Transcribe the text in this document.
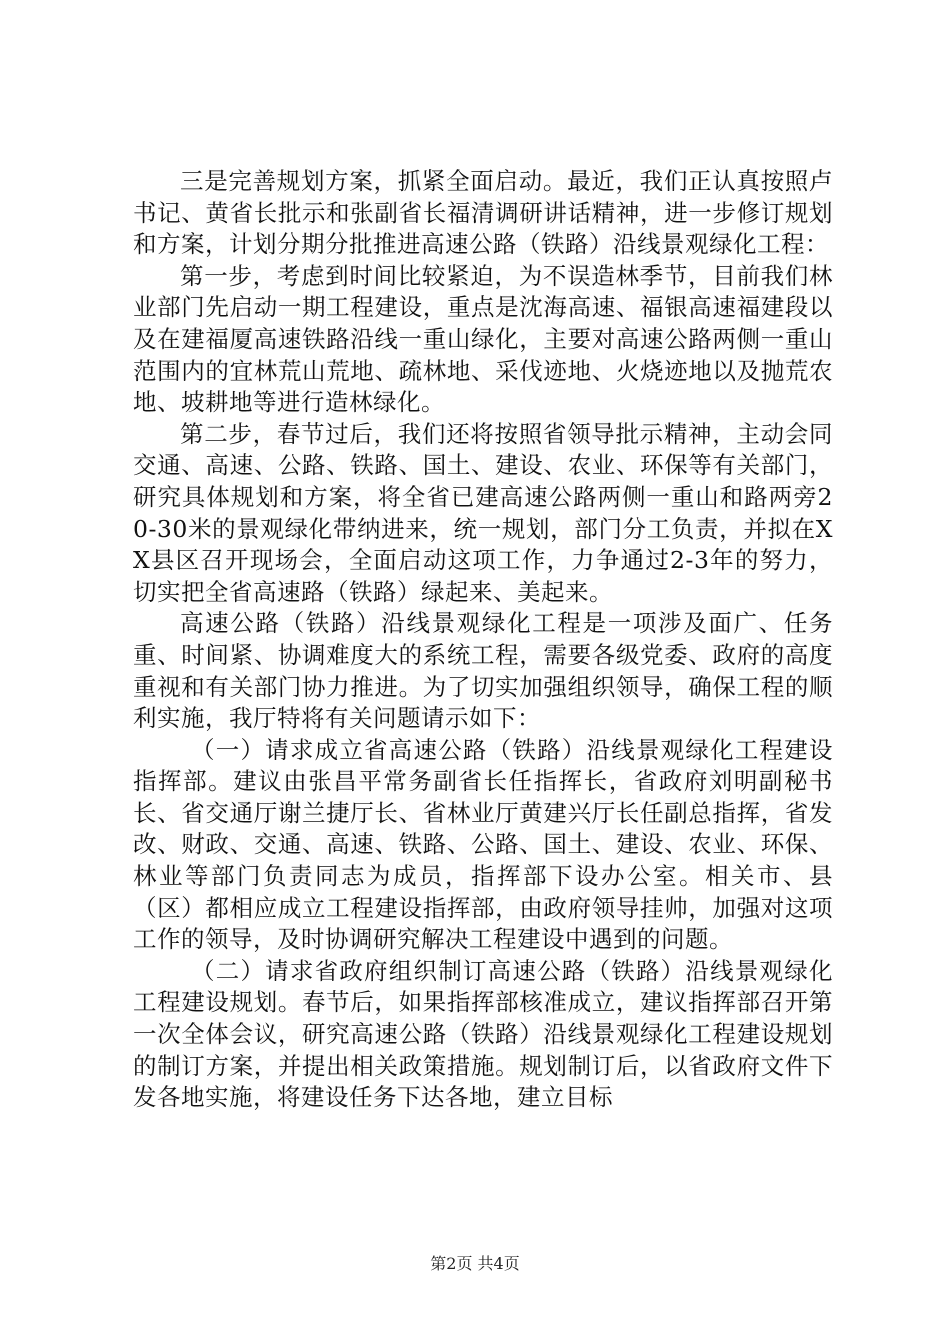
三是完善规划方案，抓紧全面启动。最近，我们正认真按照卢书记、黄省长批示和张副省长福清调研讲话精神，进一步修订规划和方案，计划分期分批推进高速公路（铁路）沿线景观绿化工程：

第一步，考虑到时间比较紧迫，为不误造林季节，目前我们林业部门先启动一期工程建设，重点是沈海高速、福银高速福建段以及在建福厦高速铁路沿线一重山绿化，主要对高速公路两侧一重山范围内的宜林荒山荒地、疏林地、采伐迹地、火烧迹地以及抛荒农地、坡耕地等进行造林绿化。

第二步，春节过后，我们还将按照省领导批示精神，主动会同交通、高速、公路、铁路、国土、建设、农业、环保等有关部门，研究具体规划和方案，将全省已建高速公路两侧一重山和路两旁20-30米的景观绿化带纳进来，统一规划，部门分工负责，并拟在XX县区召开现场会，全面启动这项工作，力争通过2-3年的努力，切实把全省高速路（铁路）绿起来、美起来。

高速公路（铁路）沿线景观绿化工程是一项涉及面广、任务重、时间紧、协调难度大的系统工程，需要各级党委、政府的高度重视和有关部门协力推进。为了切实加强组织领导，确保工程的顺利实施，我厅特将有关问题请示如下：

（一）请求成立省高速公路（铁路）沿线景观绿化工程建设指挥部。建议由张昌平常务副省长任指挥长，省政府刘明副秘书长、省交通厅谢兰捷厅长、省林业厅黄建兴厅长任副总指挥，省发改、财政、交通、高速、铁路、公路、国土、建设、农业、环保、林业等部门负责同志为成员，指挥部下设办公室。相关市、县（区）都相应成立工程建设指挥部，由政府领导挂帅，加强对这项工作的领导，及时协调研究解决工程建设中遇到的问题。

（二）请求省政府组织制订高速公路（铁路）沿线景观绿化工程建设规划。春节后，如果指挥部核准成立，建议指挥部召开第一次全体会议，研究高速公路（铁路）沿线景观绿化工程建设规划的制订方案，并提出相关政策措施。规划制订后，以省政府文件下发各地实施，将建设任务下达各地，建立目标

第2页 共4页
